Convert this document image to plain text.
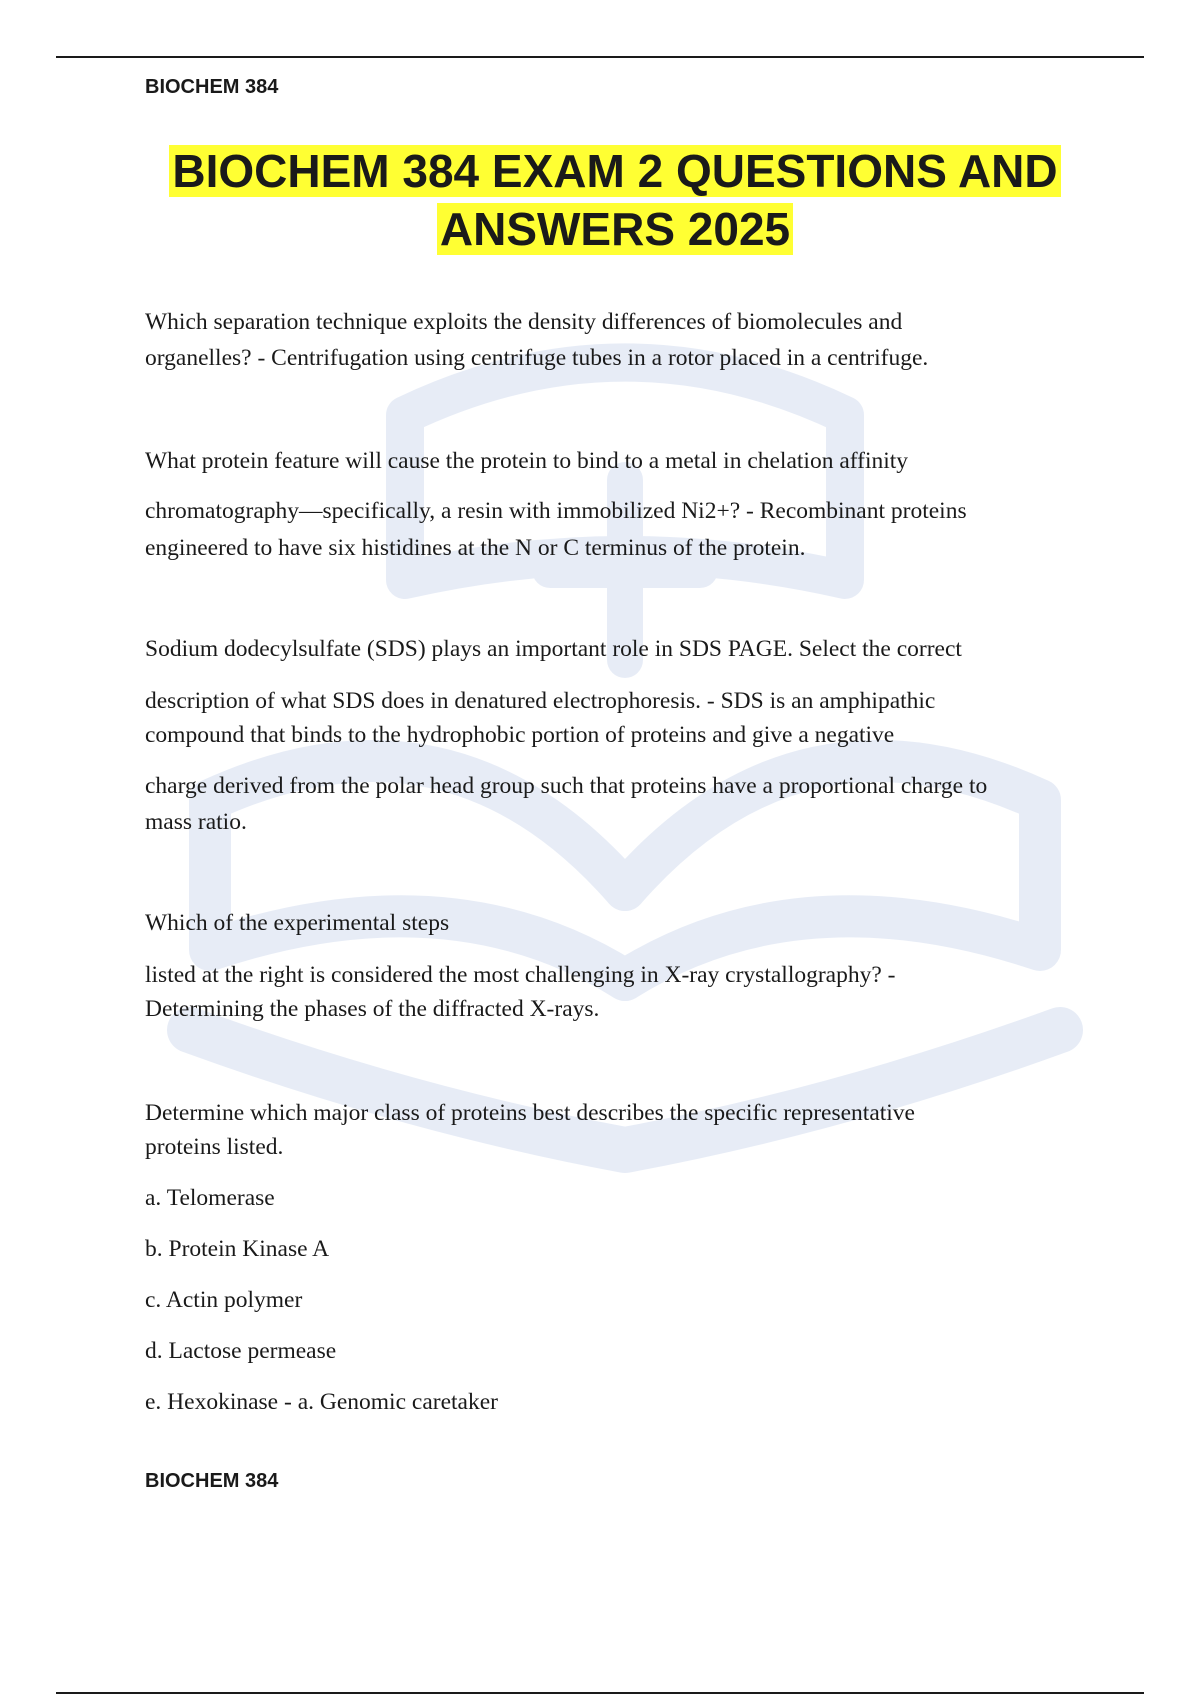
BIOCHEM 384
BIOCHEM 384 EXAM 2 QUESTIONS AND
ANSWERS 2025

Which separation technique exploits the density differences of biomolecules and

organelles? - Centrifugation using centrifuge tubes in a rotor placed in a centrifuge.

What protein feature will cause the protein to bind to a metal in chelation affinity

chromatography—specifically, a resin with immobilized Ni2+? - Recombinant proteins

engineered to have six histidines at the N or C terminus of the protein.

Sodium dodecylsulfate (SDS) plays an important role in SDS PAGE. Select the correct

description of what SDS does in denatured electrophoresis. - SDS is an amphipathic

compound that binds to the hydrophobic portion of proteins and give a negative

charge derived from the polar head group such that proteins have a proportional charge to

mass ratio.

Which of the experimental steps

listed at the right is considered the most challenging in X-ray crystallography? -

Determining the phases of the diffracted X-rays.

Determine which major class of proteins best describes the specific representative

proteins listed.

a. Telomerase

b. Protein Kinase A

c. Actin polymer

d. Lactose permease

e. Hexokinase - a. Genomic caretaker

BIOCHEM 384
